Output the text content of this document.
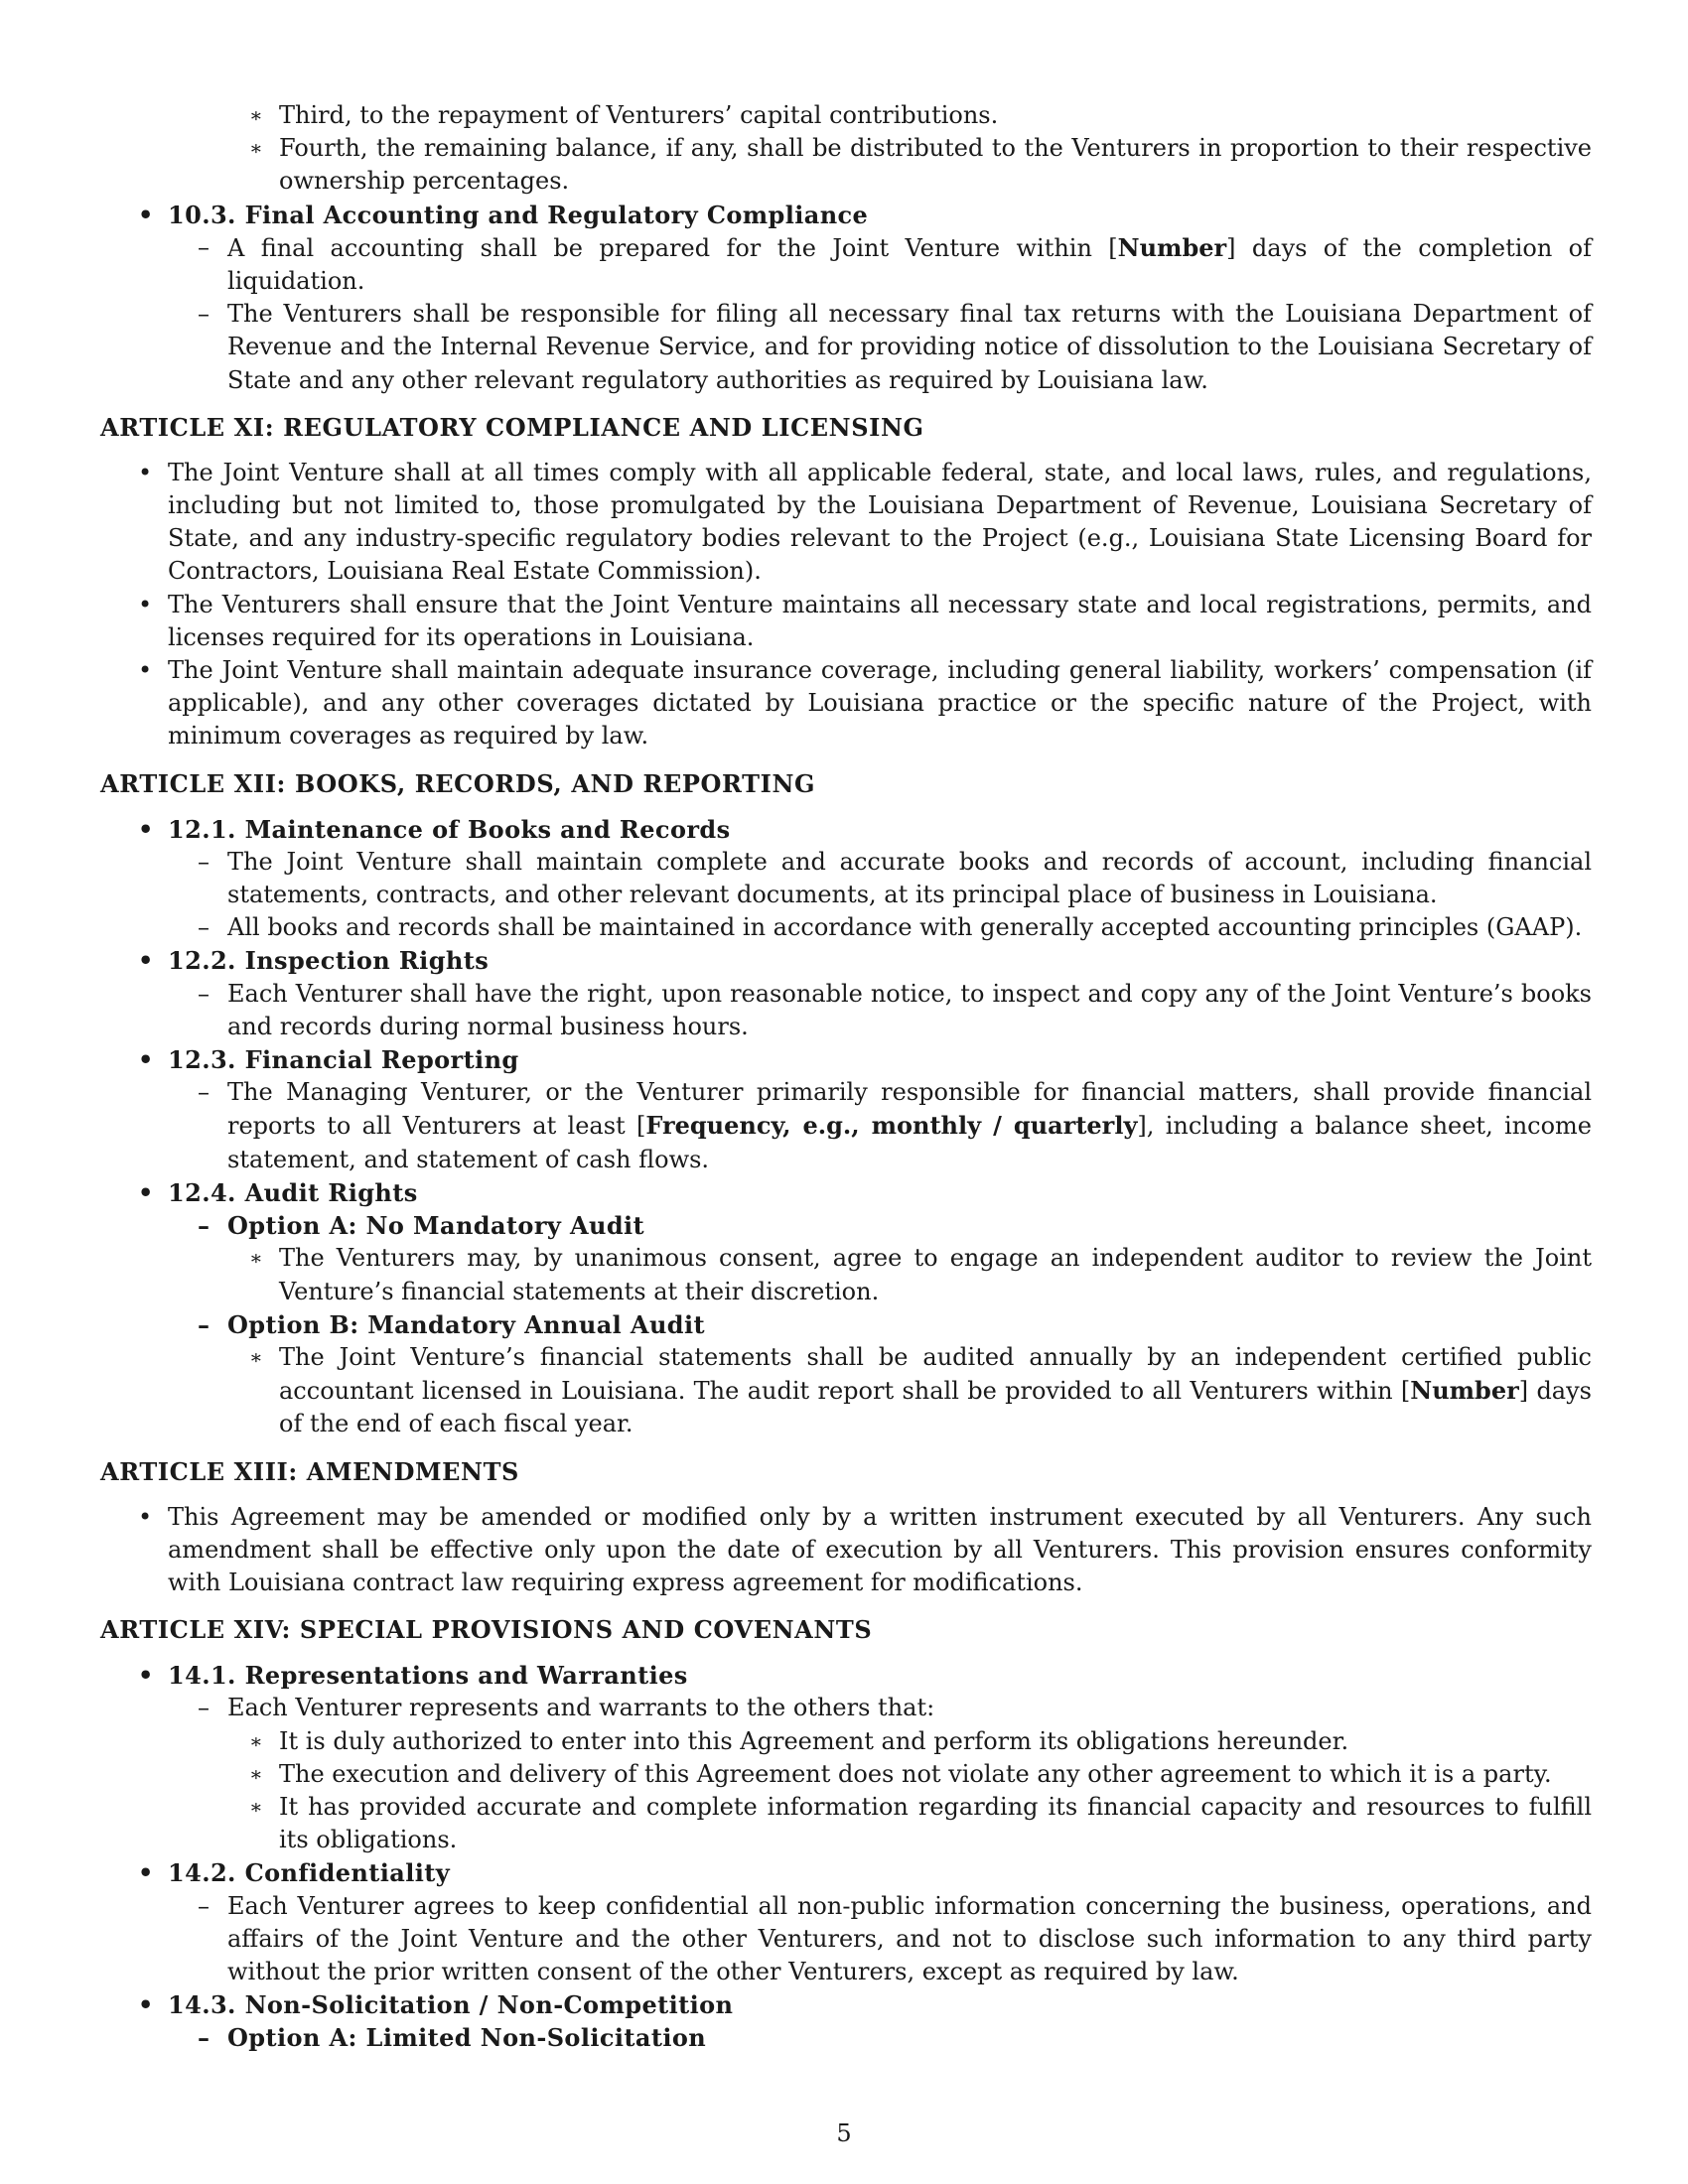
∗ Third, to the repayment of Venturers’ capital contributions.
∗ Fourth, the remaining balance, if any, shall be distributed to the Venturers in proportion to their respective ownership percentages.
• 10.3. Final Accounting and Regulatory Compliance
– A final accounting shall be prepared for the Joint Venture within [Number] days of the completion of liquidation.
– The Venturers shall be responsible for filing all necessary final tax returns with the Louisiana Department of Revenue and the Internal Revenue Service, and for providing notice of dissolution to the Louisiana Secretary of State and any other relevant regulatory authorities as required by Louisiana law.
ARTICLE XI: REGULATORY COMPLIANCE AND LICENSING
• The Joint Venture shall at all times comply with all applicable federal, state, and local laws, rules, and regulations, including but not limited to, those promulgated by the Louisiana Department of Revenue, Louisiana Secretary of State, and any industry-specific regulatory bodies relevant to the Project (e.g., Louisiana State Licensing Board for Contractors, Louisiana Real Estate Commission).
• The Venturers shall ensure that the Joint Venture maintains all necessary state and local registrations, permits, and licenses required for its operations in Louisiana.
• The Joint Venture shall maintain adequate insurance coverage, including general liability, workers’ compensation (if applicable), and any other coverages dictated by Louisiana practice or the specific nature of the Project, with minimum coverages as required by law.
ARTICLE XII: BOOKS, RECORDS, AND REPORTING
• 12.1. Maintenance of Books and Records
– The Joint Venture shall maintain complete and accurate books and records of account, including financial statements, contracts, and other relevant documents, at its principal place of business in Louisiana.
– All books and records shall be maintained in accordance with generally accepted accounting principles (GAAP).
• 12.2. Inspection Rights
– Each Venturer shall have the right, upon reasonable notice, to inspect and copy any of the Joint Venture’s books and records during normal business hours.
• 12.3. Financial Reporting
– The Managing Venturer, or the Venturer primarily responsible for financial matters, shall provide financial reports to all Venturers at least [Frequency, e.g., monthly / quarterly], including a balance sheet, income statement, and statement of cash flows.
• 12.4. Audit Rights
– Option A: No Mandatory Audit
∗ The Venturers may, by unanimous consent, agree to engage an independent auditor to review the Joint Venture’s financial statements at their discretion.
– Option B: Mandatory Annual Audit
∗ The Joint Venture’s financial statements shall be audited annually by an independent certified public accountant licensed in Louisiana. The audit report shall be provided to all Venturers within [Number] days of the end of each fiscal year.
ARTICLE XIII: AMENDMENTS
• This Agreement may be amended or modified only by a written instrument executed by all Venturers. Any such amendment shall be effective only upon the date of execution by all Venturers. This provision ensures conformity with Louisiana contract law requiring express agreement for modifications.
ARTICLE XIV: SPECIAL PROVISIONS AND COVENANTS
• 14.1. Representations and Warranties
– Each Venturer represents and warrants to the others that:
∗ It is duly authorized to enter into this Agreement and perform its obligations hereunder.
∗ The execution and delivery of this Agreement does not violate any other agreement to which it is a party.
∗ It has provided accurate and complete information regarding its financial capacity and resources to fulfill its obligations.
• 14.2. Confidentiality
– Each Venturer agrees to keep confidential all non-public information concerning the business, operations, and affairs of the Joint Venture and the other Venturers, and not to disclose such information to any third party without the prior written consent of the other Venturers, except as required by law.
• 14.3. Non-Solicitation / Non-Competition
– Option A: Limited Non-Solicitation
5
